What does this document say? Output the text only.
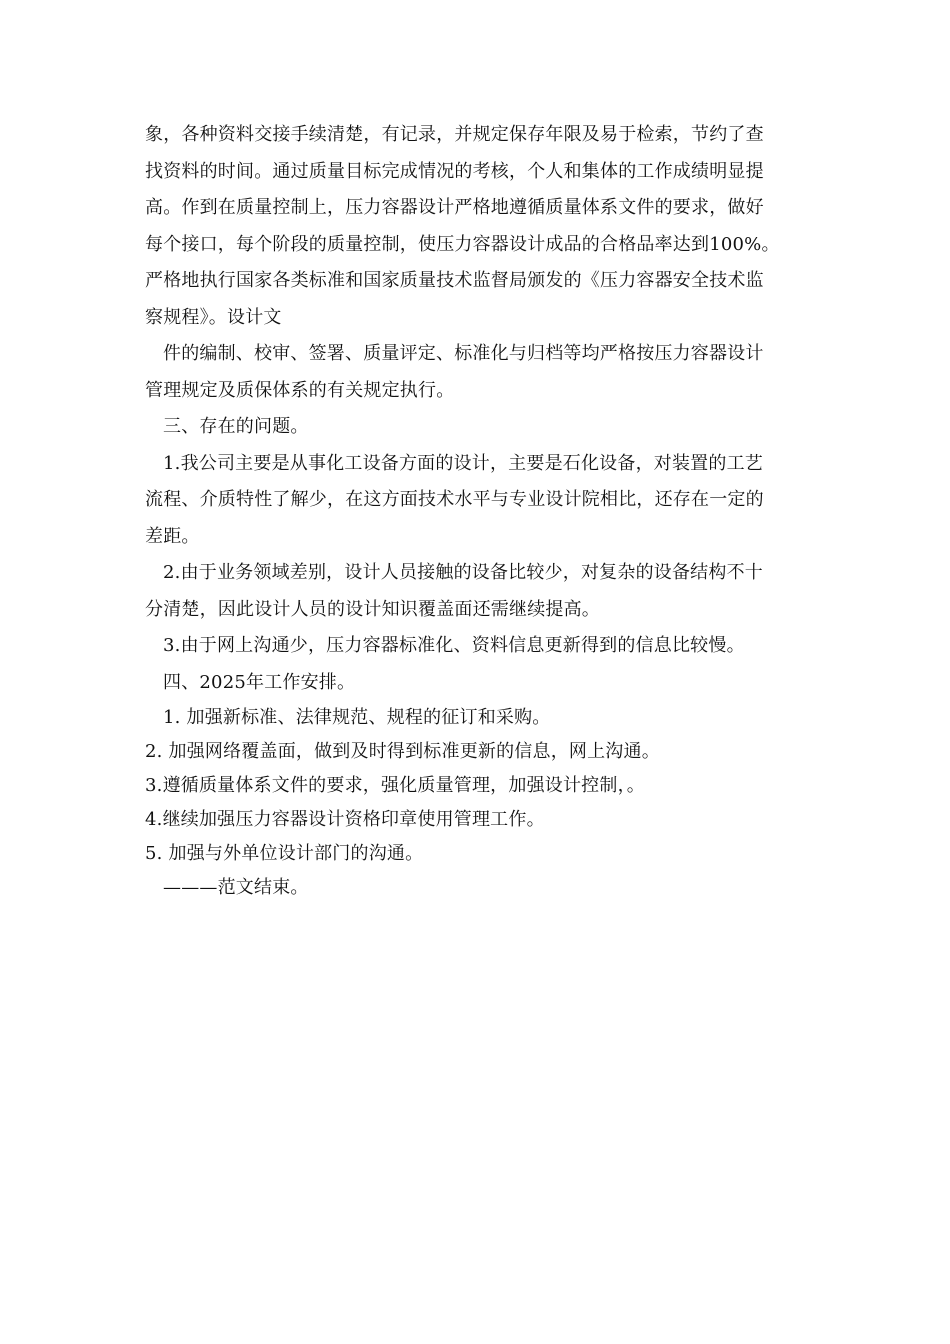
象，各种资料交接手续清楚，有记录，并规定保存年限及易于检索，节约了查
找资料的时间。通过质量目标完成情况的考核，个人和集体的工作成绩明显提
高。作到在质量控制上，压力容器设计严格地遵循质量体系文件的要求，做好
每个接口，每个阶段的质量控制，使压力容器设计成品的合格品率达到100%。
严格地执行国家各类标准和国家质量技术监督局颁发的《压力容器安全技术监
察规程》。设计文
件的编制、校审、签署、质量评定、标准化与归档等均严格按压力容器设计
管理规定及质保体系的有关规定执行。
三、存在的问题。
1.我公司主要是从事化工设备方面的设计，主要是石化设备，对装置的工艺
流程、介质特性了解少，在这方面技术水平与专业设计院相比，还存在一定的
差距。
2.由于业务领域差别，设计人员接触的设备比较少，对复杂的设备结构不十
分清楚，因此设计人员的设计知识覆盖面还需继续提高。
3.由于网上沟通少，压力容器标准化、资料信息更新得到的信息比较慢。
四、2025年工作安排。
1. 加强新标准、法律规范、规程的征订和采购。
2. 加强网络覆盖面，做到及时得到标准更新的信息，网上沟通。
3.遵循质量体系文件的要求，强化质量管理，加强设计控制，。
4.继续加强压力容器设计资格印章使用管理工作。
5. 加强与外单位设计部门的沟通。
———范文结束。
